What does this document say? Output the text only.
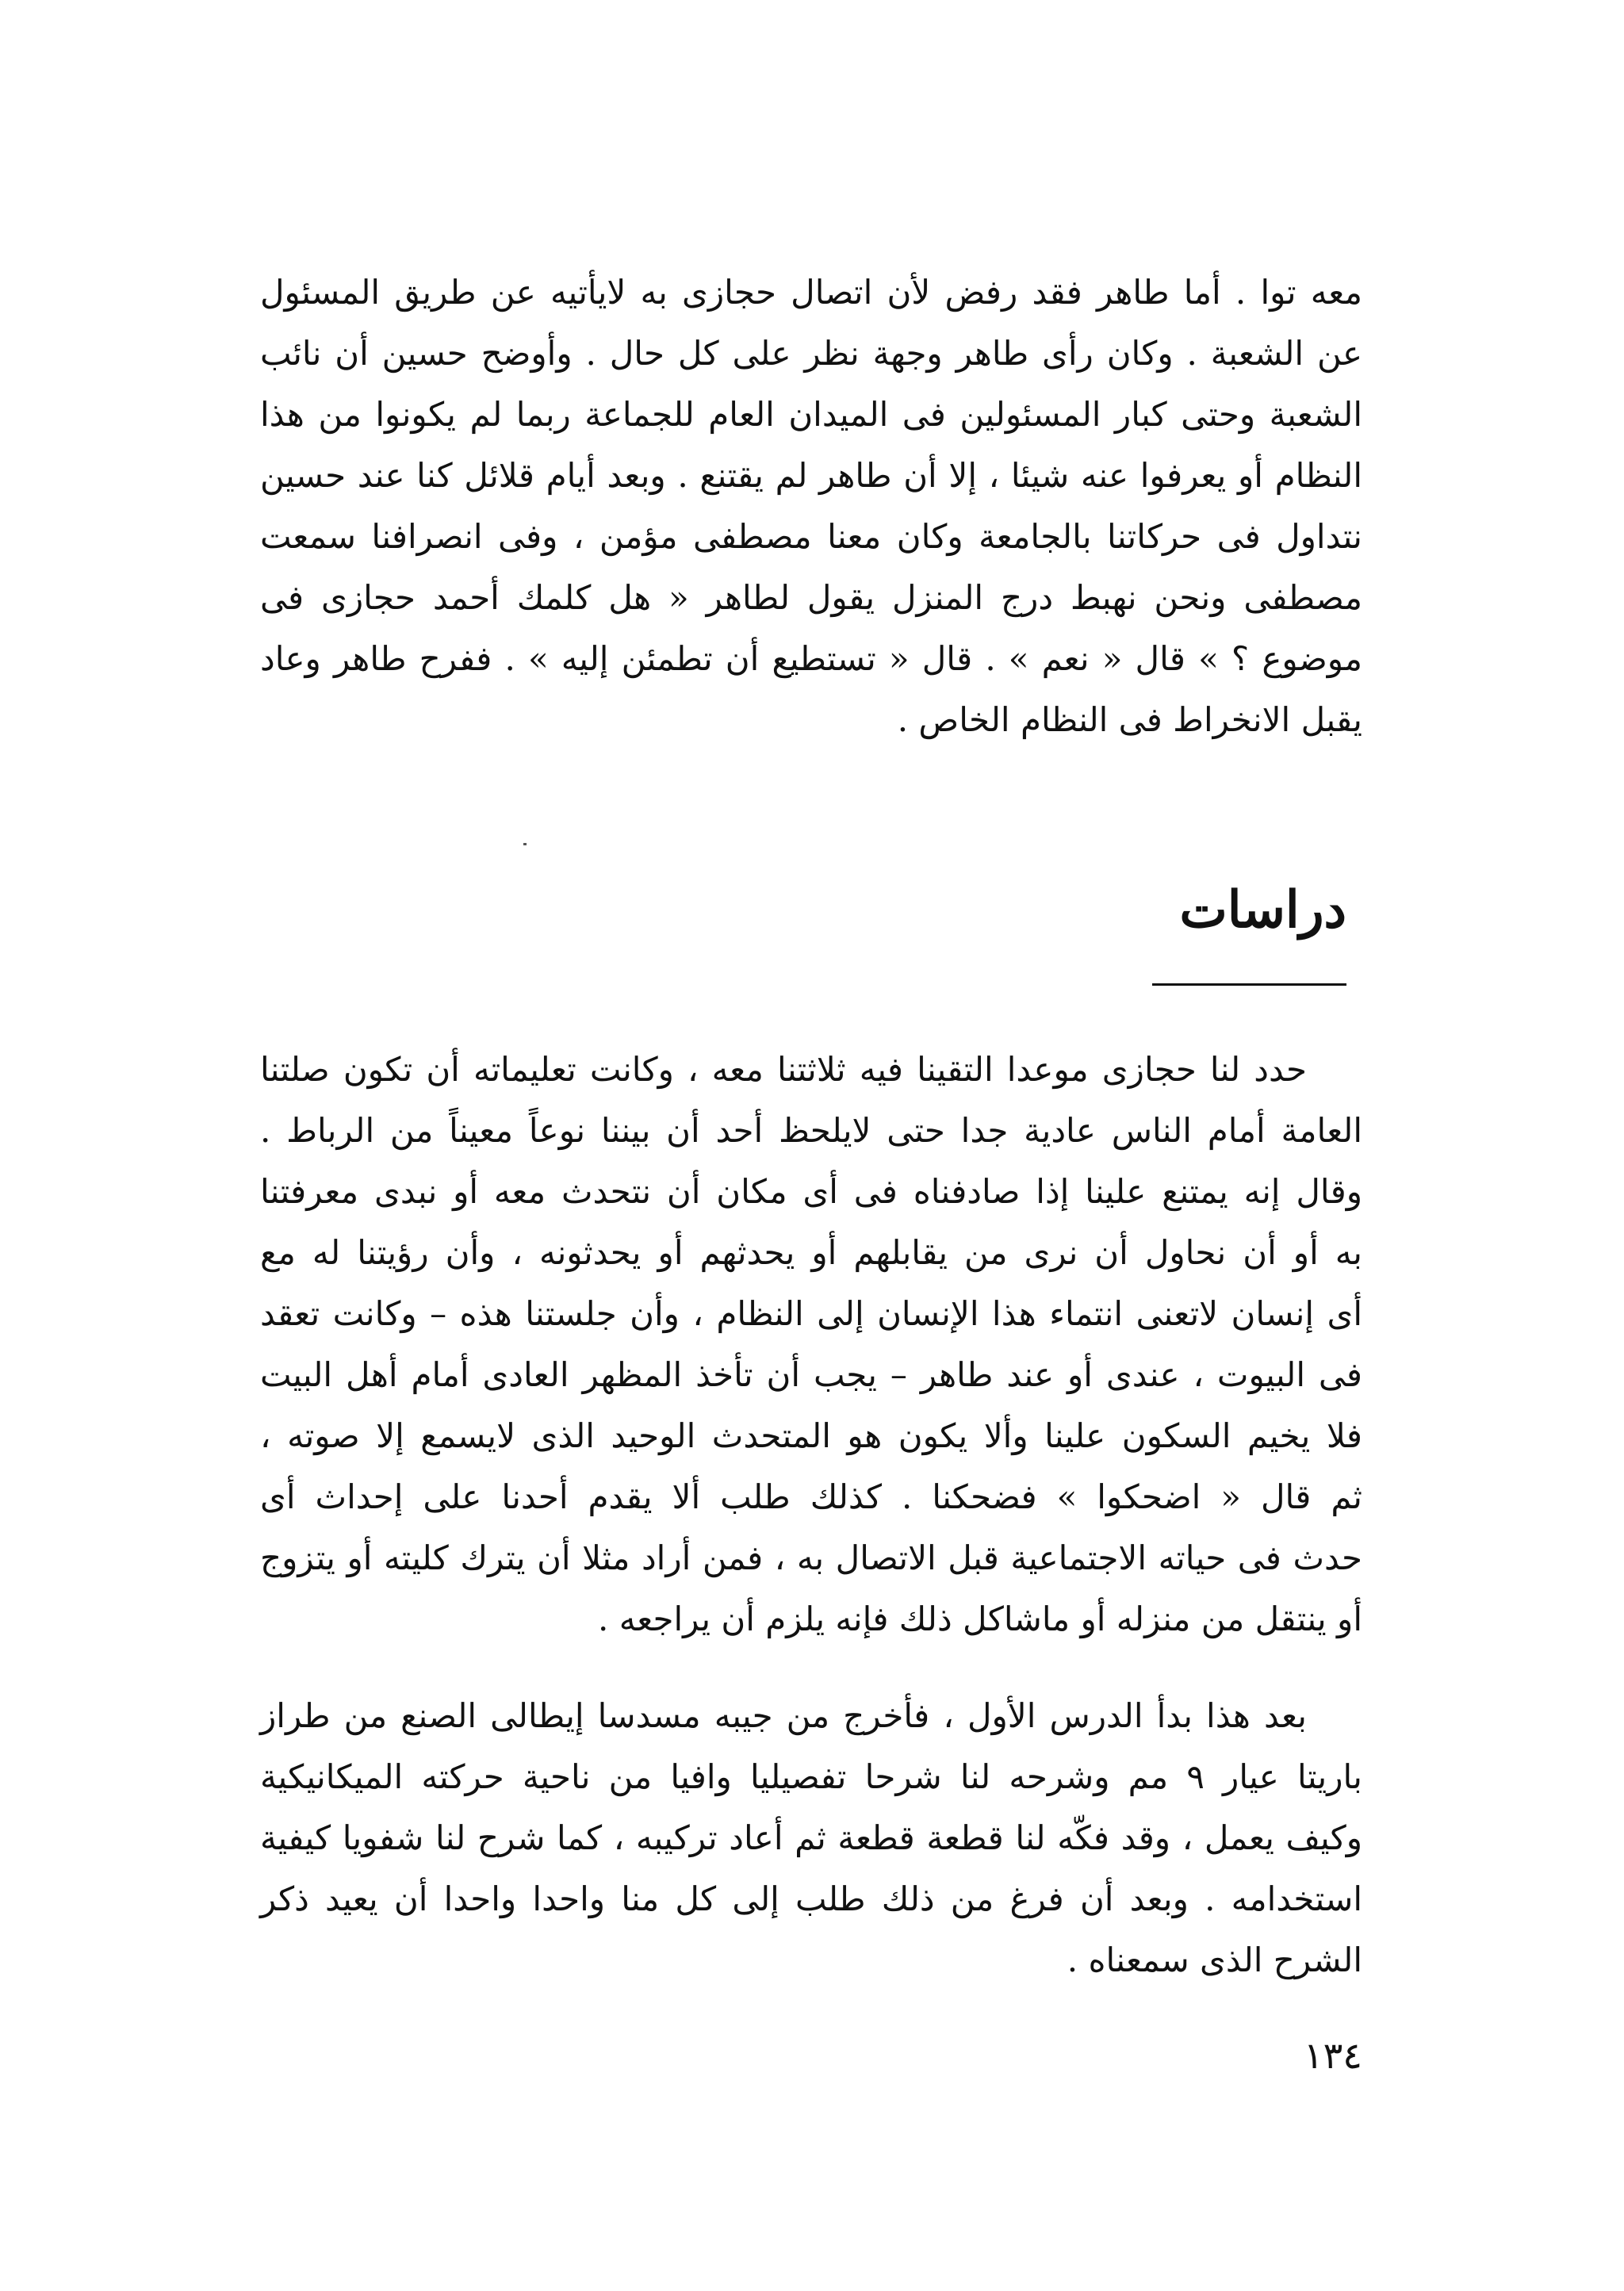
معه توا . أما طاهر فقد رفض لأن اتصال حجازى به لايأتيه عن طريق المسئول
عن الشعبة . وكان رأى طاهر وجهة نظر على كل حال . وأوضح حسين أن نائب
الشعبة وحتى كبار المسئولين فى الميدان العام للجماعة ربما لم يكونوا من هذا
النظام أو يعرفوا عنه شيئا ، إلا أن طاهر لم يقتنع . وبعد أيام قلائل كنا عند حسين
نتداول فى حركاتنا بالجامعة وكان معنا مصطفى مؤمن ، وفى انصرافنا سمعت
مصطفى ونحن نهبط درج المنزل يقول لطاهر « هل كلمك أحمد حجازى فى
موضوع ؟ » قال « نعم » . قال « تستطيع أن تطمئن إليه » . ففرح طاهر وعاد
يقبل الانخراط فى النظام الخاص .
دراسات
حدد لنا حجازى موعدا التقينا فيه ثلاثتنا معه ، وكانت تعليماته أن تكون صلتنا
العامة أمام الناس عادية جدا حتى لايلحظ أحد أن بيننا نوعاً معيناً من الرباط .
وقال إنه يمتنع علينا إذا صادفناه فى أى مكان أن نتحدث معه أو نبدى معرفتنا
به أو أن نحاول أن نرى من يقابلهم أو يحدثهم أو يحدثونه ، وأن رؤيتنا له مع
أى إنسان لاتعنى انتماء هذا الإنسان إلى النظام ، وأن جلستنا هذه – وكانت تعقد
فى البيوت ، عندى أو عند طاهر – يجب أن تأخذ المظهر العادى أمام أهل البيت
فلا يخيم السكون علينا وألا يكون هو المتحدث الوحيد الذى لايسمع إلا صوته ،
ثم قال « اضحكوا » فضحكنا . كذلك طلب ألا يقدم أحدنا على إحداث أى
حدث فى حياته الاجتماعية قبل الاتصال به ، فمن أراد مثلا أن يترك كليته أو يتزوج
أو ينتقل من منزله أو ماشاكل ذلك فإنه يلزم أن يراجعه .
بعد هذا بدأ الدرس الأول ، فأخرج من جيبه مسدسا إيطالى الصنع من طراز
باريتا عيار ٩ مم وشرحه لنا شرحا تفصيليا وافيا من ناحية حركته الميكانيكية
وكيف يعمل ، وقد فكّه لنا قطعة قطعة ثم أعاد تركيبه ، كما شرح لنا شفويا كيفية
استخدامه . وبعد أن فرغ من ذلك طلب إلى كل منا واحدا واحدا أن يعيد ذكر
الشرح الذى سمعناه .
١٣٤
